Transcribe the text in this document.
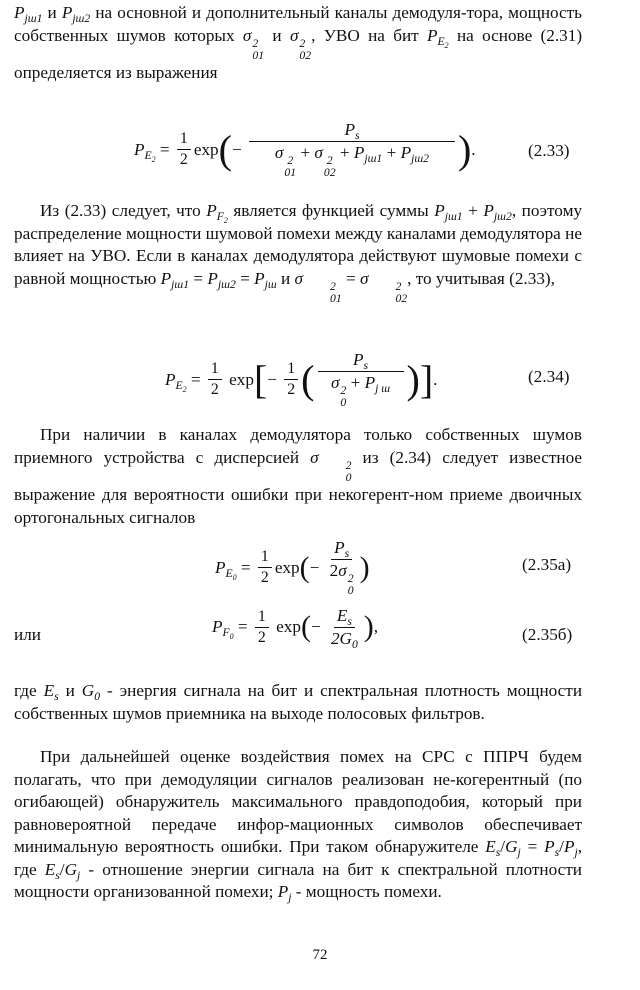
$P_{jш1}$ и $P_{jш2}$ на основной и дополнительный каналы демодуля-тора, мощность собственных шумов которых σ 2
01
и σ 2
02
, УВО на бит $P_{E_2}$ на основе (2.31) определяется из выражения

$P_{E_2} = \frac{1}{2} \exp(- P_s$
σ 2
01
+ σ 2
02
+ $P_{jш1} + P_{jш2}$ ).	(2.33)

Из (2.33) следует, что $P_{F_2}$ является функцией суммы $P_{jш1} + P_{jш2}$, поэтому распределение мощности шумовой помехи между каналами демодулятора не влияет на УВО. Если в каналах демодулятора действуют шумовые помехи с равной мощностью $P_{jш1} = P_{jш2} = P_{jш}$ и σ	2
01
= σ	2
02
, то учитывая (2.33),

$P_{E_2} = \frac{1}{2} \exp[- \frac{1}{2}$ ( $P_s$
σ 2
0
+ $P_{j ш}$ )].	(2.34)

При наличии в каналах демодулятора только собственных шумов приемного устройства с дисперсией σ	2
0
из (2.34) следует известное выражение для вероятности ошибки при некогерент-ном приеме двоичных ортогональных сигналов

$P_{E_0} = \frac{1}{2} \exp(- P_s$
2σ 2
0 )	(2.35a)
или	$P_{F_0} = \frac{1}{2} \exp(- \frac{E_s}{2G_0}$ ),	(2.35б)

где $E_s$ и $G_0$ - энергия сигнала на бит и спектральная плотность мощности собственных шумов приемника на выходе полосовых фильтров.

При дальнейшей оценке воздействия помех на СРС с ППРЧ будем полагать, что при демодуляции сигналов реализован не-когерентный (по огибающей) обнаружитель максимального правдоподобия, который при равновероятной передаче инфор-мационных символов обеспечивает минимальную вероятность ошибки. При таком обнаружителе $E_s/G_j = P_s/P_j$, где $E_s/G_j$ - отношение энергии сигнала на бит к спектральной плотности мощности организованной помехи; $P_j$ - мощность помехи.

72
